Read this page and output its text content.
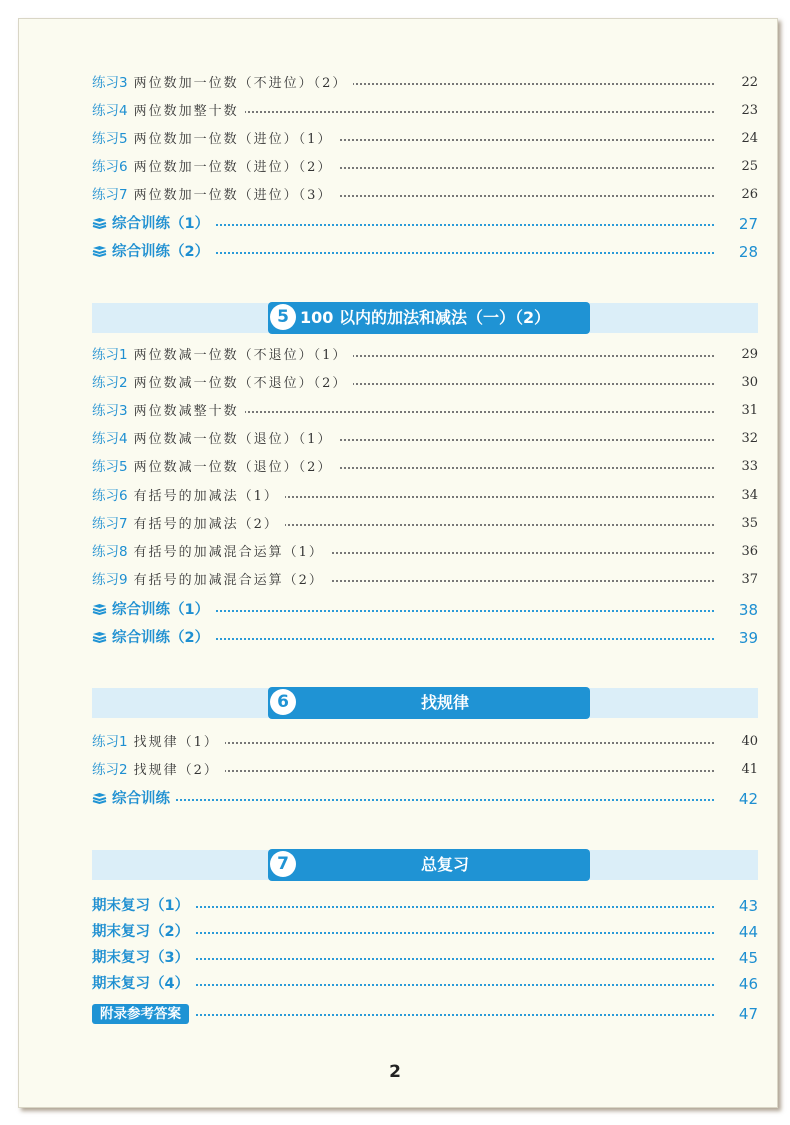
5 100 以内的加法和减法（一）（2）
6	找规律
7	总复习
练习3 两位数加一位数（不进位）（2）	22
练习4 两位数加整十数	23
练习5 两位数加一位数（进位）（1）	24
练习6 两位数加一位数（进位）（2）	25
练习7 两位数加一位数（进位）（3）	26
综合训练（1）	27
综合训练（2）	28
练习1 两位数减一位数（不退位）（1）	29
练习2 两位数减一位数（不退位）（2）	30
练习3 两位数减整十数	31
练习4 两位数减一位数（退位）（1）	32
练习5 两位数减一位数（退位）（2）	33
练习6 有括号的加减法（1）	34
练习7 有括号的加减法（2）	35
练习8 有括号的加减混合运算（1）	36
练习9 有括号的加减混合运算（2）	37
综合训练（1）	38
综合训练（2）	39
练习1 找规律（1）	40
练习2 找规律（2）	41
综合训练	42
期末复习（1）	43
期末复习（2）	44
期末复习（3）	45
期末复习（4）	46
附录参考答案	47
2
